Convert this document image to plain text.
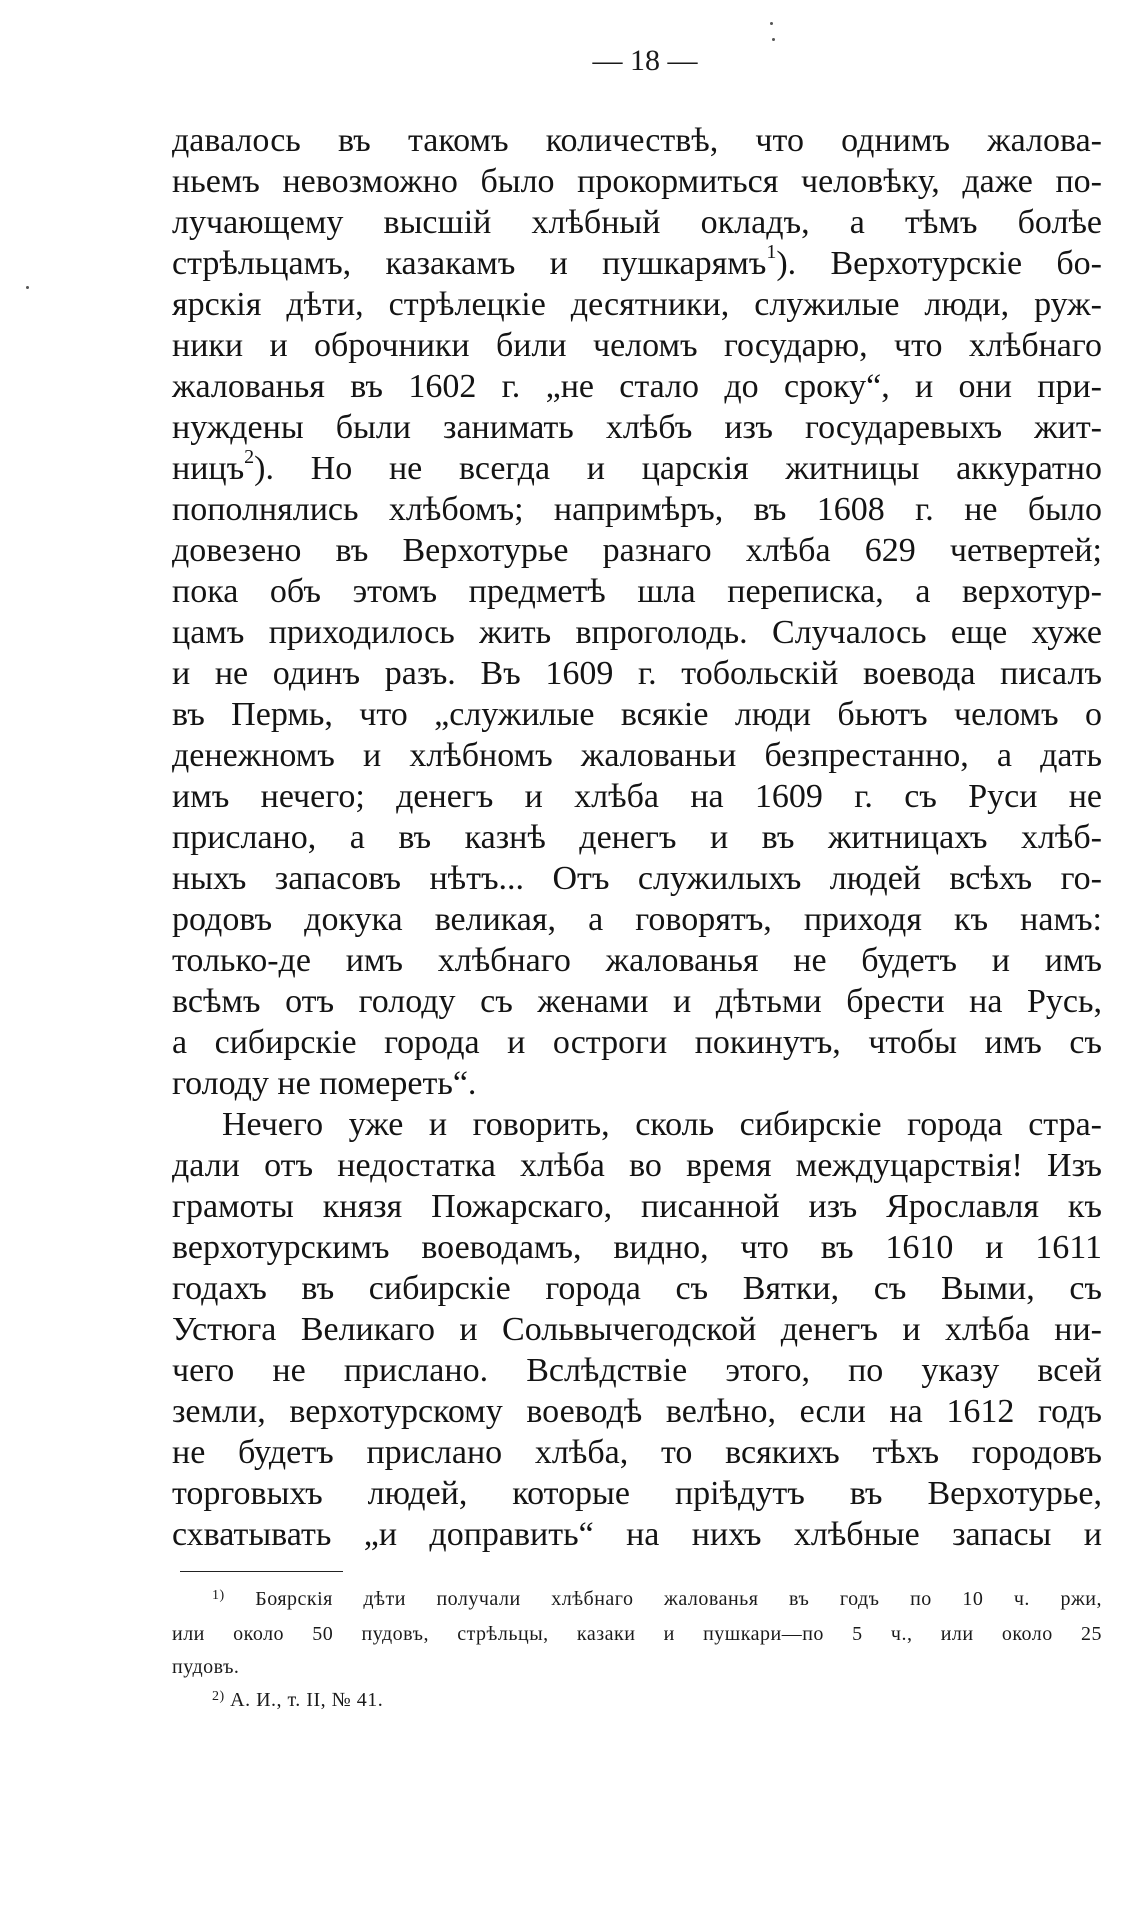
— 18 —
давалось въ такомъ количествѣ, что однимъ жалова-
ньемъ невозможно было прокормиться человѣку, даже по-
лучающему высшій хлѣбный окладъ, а тѣмъ болѣе
стрѣльцамъ, казакамъ и пушкарямъ$^1$). Верхотурскіе бо-
ярскія дѣти, стрѣлецкіе десятники, служилые люди, руж-
ники и оброчники били челомъ государю, что хлѣбнаго
жалованья въ 1602 г. „не стало до сроку“, и они при-
нуждены были занимать хлѣбъ изъ государевыхъ жит-
ницъ$^2$). Но не всегда и царскія житницы аккуратно
пополнялись хлѣбомъ; напримѣръ, въ 1608 г. не было
довезено въ Верхотурье разнаго хлѣба 629 четвертей;
пока объ этомъ предметѣ шла переписка, а верхотур-
цамъ приходилось жить впроголодь. Случалось еще хуже
и не одинъ разъ. Въ 1609 г. тобольскій воевода писалъ
въ Пермь, что „служилые всякіе люди бьютъ челомъ о
денежномъ и хлѣбномъ жалованьи безпрестанно, а дать
имъ нечего; денегъ и хлѣба на 1609 г. съ Руси не
прислано, а въ казнѣ денегъ и въ житницахъ хлѣб-
ныхъ запасовъ нѣтъ... Отъ служилыхъ людей всѣхъ го-
родовъ докука великая, а говорятъ, приходя къ намъ:
только-де имъ хлѣбнаго жалованья не будетъ и имъ
всѣмъ отъ голоду съ женами и дѣтьми брести на Русь,
а сибирскіе города и остроги покинутъ, чтобы имъ съ
голоду не помереть“.
Нечего уже и говорить, сколь сибирскіе города стра-
дали отъ недостатка хлѣба во время междуцарствія! Изъ
грамоты князя Пожарскаго, писанной изъ Ярославля къ
верхотурскимъ воеводамъ, видно, что въ 1610 и 1611
годахъ въ сибирскіе города съ Вятки, съ Выми, съ
Устюга Великаго и Сольвычегодской денегъ и хлѣба ни-
чего не прислано. Вслѣдствіе этого, по указу всей
земли, верхотурскому воеводѣ велѣно, если на 1612 годъ
не будетъ прислано хлѣба, то всякихъ тѣхъ городовъ
торговыхъ людей, которые пріѣдутъ въ Верхотурье,
схватывать „и доправить“ на нихъ хлѣбные запасы и
$^{1)}$ Боярскія дѣти получали хлѣбнаго жалованья въ годъ по 10 ч. ржи,
или около 50 пудовъ, стрѣльцы, казаки и пушкари—по 5 ч., или около 25
пудовъ.
$^{2)}$ А. И., т. II, № 41.
